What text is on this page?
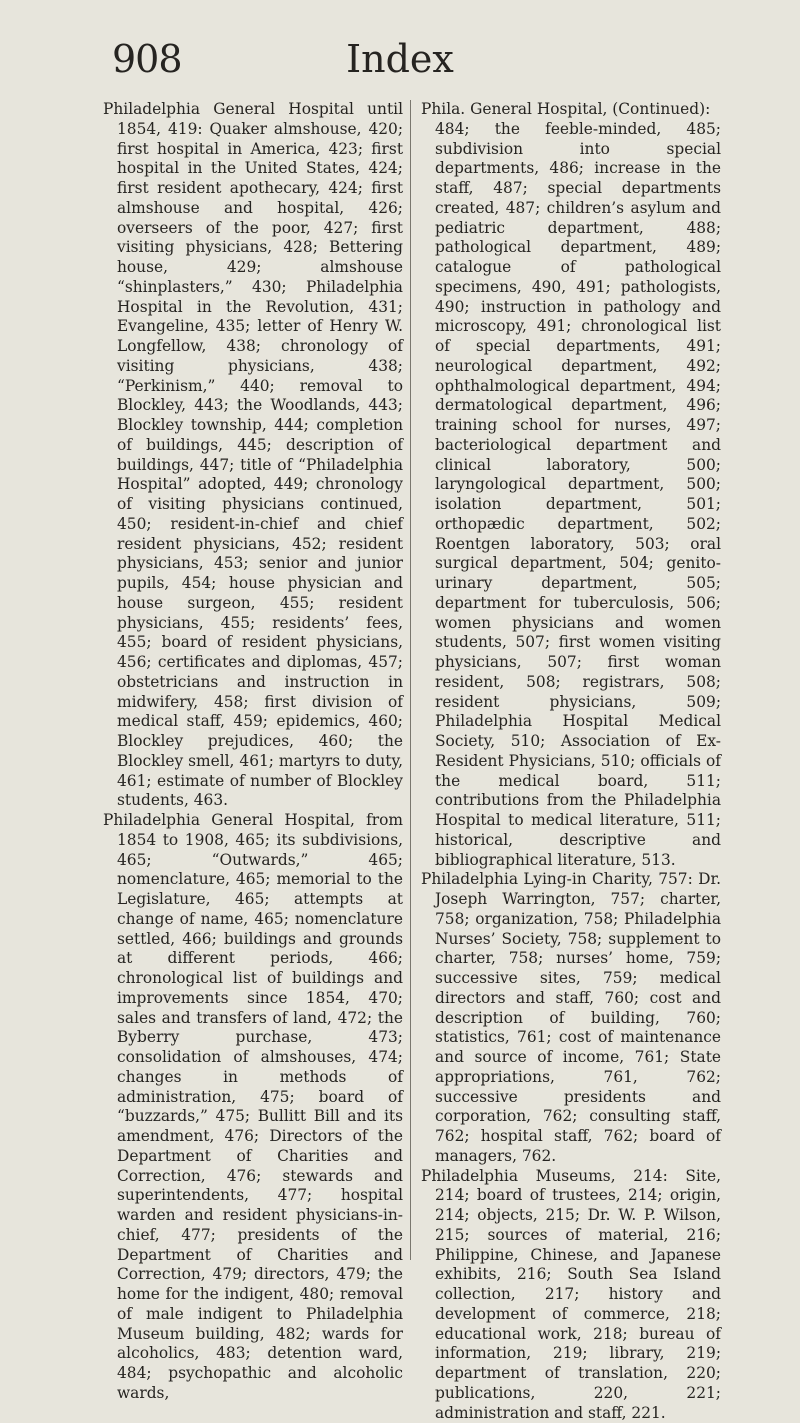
908	Index

Philadelphia General Hospital until 1854, 419: Quaker almshouse, 420; first hospital in America, 423; first hospital in the United States, 424; first resident apothecary, 424; first almshouse and hospital, 426; overseers of the poor, 427; first visiting physicians, 428; Bettering house, 429; almshouse “shinplasters,” 430; Philadelphia Hospital in the Revolution, 431; Evangeline, 435; letter of Henry W. Longfellow, 438; chronology of visiting physicians, 438; “Perkinism,” 440; removal to Blockley, 443; the Woodlands, 443; Blockley township, 444; completion of buildings, 445; description of buildings, 447; title of “Philadelphia Hospital” adopted, 449; chronology of visiting physicians continued, 450; resident-in-chief and chief resident physicians, 452; resident physicians, 453; senior and junior pupils, 454; house physician and house surgeon, 455; resident physicians, 455; residents’ fees, 455; board of resident physicians, 456; certificates and diplomas, 457; obstetricians and instruction in midwifery, 458; first division of medical staff, 459; epidemics, 460; Blockley prejudices, 460; the Blockley smell, 461; martyrs to duty, 461; estimate of number of Blockley students, 463.

Philadelphia General Hospital, from 1854 to 1908, 465; its subdivisions, 465; “Outwards,” 465; nomenclature, 465; memorial to the Legislature, 465; attempts at change of name, 465; nomenclature settled, 466; buildings and grounds at different periods, 466; chronological list of buildings and improvements since 1854, 470; sales and transfers of land, 472; the Byberry purchase, 473; consolidation of almshouses, 474; changes in methods of administration, 475; board of “buzzards,” 475; Bullitt Bill and its amendment, 476; Directors of the Department of Charities and Correction, 476; stewards and superintendents, 477; hospital warden and resident physicians-in-chief, 477; presidents of the Department of Charities and Correction, 479; directors, 479; the home for the indigent, 480; removal of male indigent to Philadelphia Museum building, 482; wards for alcoholics, 483; detention ward, 484; psychopathic and alcoholic wards,

Phila. General Hospital, (Continued):
484; the feeble-minded, 485; subdivision into special departments, 486; increase in the staff, 487; special departments created, 487; children’s asylum and pediatric department, 488; pathological department, 489; catalogue of pathological specimens, 490, 491; pathologists, 490; instruction in pathology and microscopy, 491; chronological list of special departments, 491; neurological department, 492; ophthalmological department, 494; dermatological department, 496; training school for nurses, 497; bacteriological department and clinical laboratory, 500; laryngological department, 500; isolation department, 501; orthopædic department, 502; Roentgen laboratory, 503; oral surgical department, 504; genito-urinary department, 505; department for tuberculosis, 506; women physicians and women students, 507; first women visiting physicians, 507; first woman resident, 508; registrars, 508; resident physicians, 509; Philadelphia Hospital Medical Society, 510; Association of Ex-Resident Physicians, 510; officials of the medical board, 511; contributions from the Philadelphia Hospital to medical literature, 511; historical, descriptive and bibliographical literature, 513.

Philadelphia Lying-in Charity, 757: Dr. Joseph Warrington, 757; charter, 758; organization, 758; Philadelphia Nurses’ Society, 758; supplement to charter, 758; nurses’ home, 759; successive sites, 759; medical directors and staff, 760; cost and description of building, 760; statistics, 761; cost of maintenance and source of income, 761; State appropriations, 761, 762; successive presidents and corporation, 762; consulting staff, 762; hospital staff, 762; board of managers, 762.

Philadelphia Museums, 214: Site, 214; board of trustees, 214; origin, 214; objects, 215; Dr. W. P. Wilson, 215; sources of material, 216; Philippine, Chinese, and Japanese exhibits, 216; South Sea Island collection, 217; history and development of commerce, 218; educational work, 218; bureau of information, 219; library, 219; department of translation, 220; publications, 220, 221; administration and staff, 221.
